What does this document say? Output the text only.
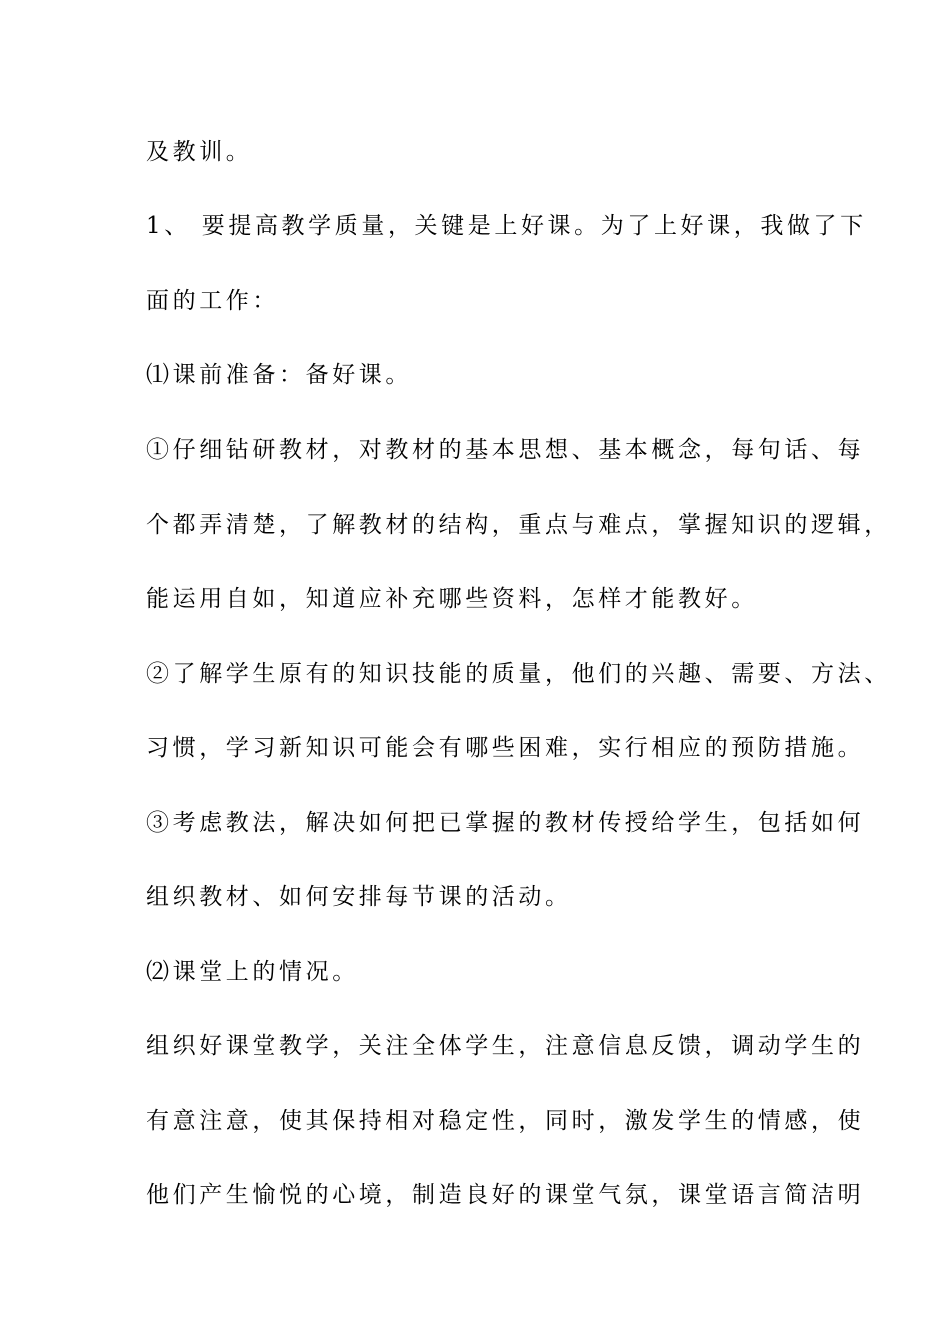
及教训。
1、 要提高教学质量，关键是上好课。为了上好课，我做了下
面的工作：
⑴课前准备：备好课。
①仔细钻研教材，对教材的基本思想、基本概念，每句话、每
个都弄清楚，了解教材的结构，重点与难点，掌握知识的逻辑，
能运用自如，知道应补充哪些资料，怎样才能教好。
②了解学生原有的知识技能的质量，他们的兴趣、需要、方法、
习惯，学习新知识可能会有哪些困难，实行相应的预防措施。
③考虑教法，解决如何把已掌握的教材传授给学生，包括如何
组织教材、如何安排每节课的活动。
⑵课堂上的情况。
组织好课堂教学，关注全体学生，注意信息反馈，调动学生的
有意注意，使其保持相对稳定性，同时，激发学生的情感，使
他们产生愉悦的心境，制造良好的课堂气氛，课堂语言简洁明
